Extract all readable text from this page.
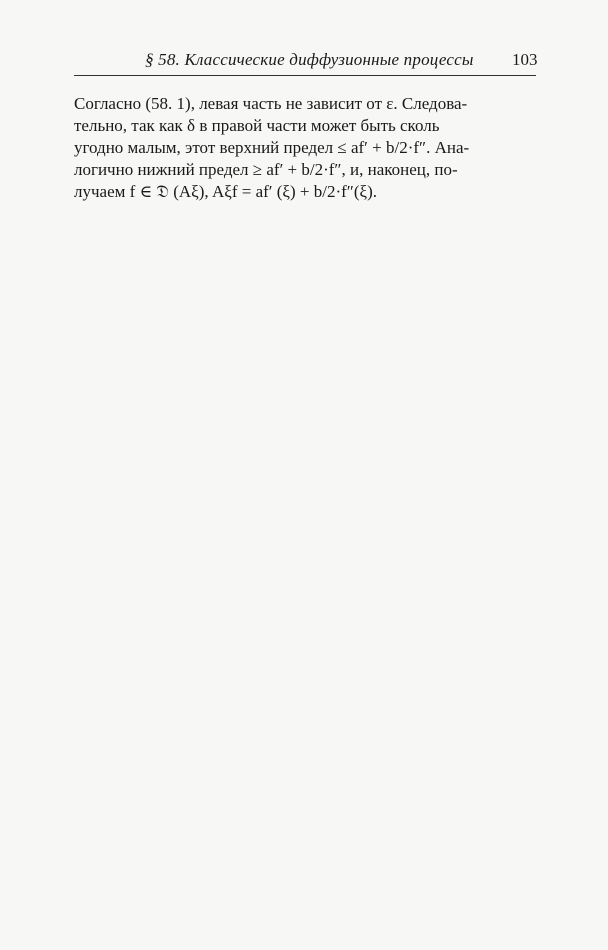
§ 58. Классические диффузионные процессы 103
Согласно (58. 1), левая часть не зависит от ε. Следова-
тельно, так как δ в правой части может быть сколь
угодно малым, этот верхний предел ≤ af′ + b/2·f″. Ана-
логично нижний предел ≥ af′ + b/2·f″, и, наконец, по-
лучаем f ∈ 𝔇 (Aξ), Aξf = af′ (ξ) + b/2·f″(ξ).
